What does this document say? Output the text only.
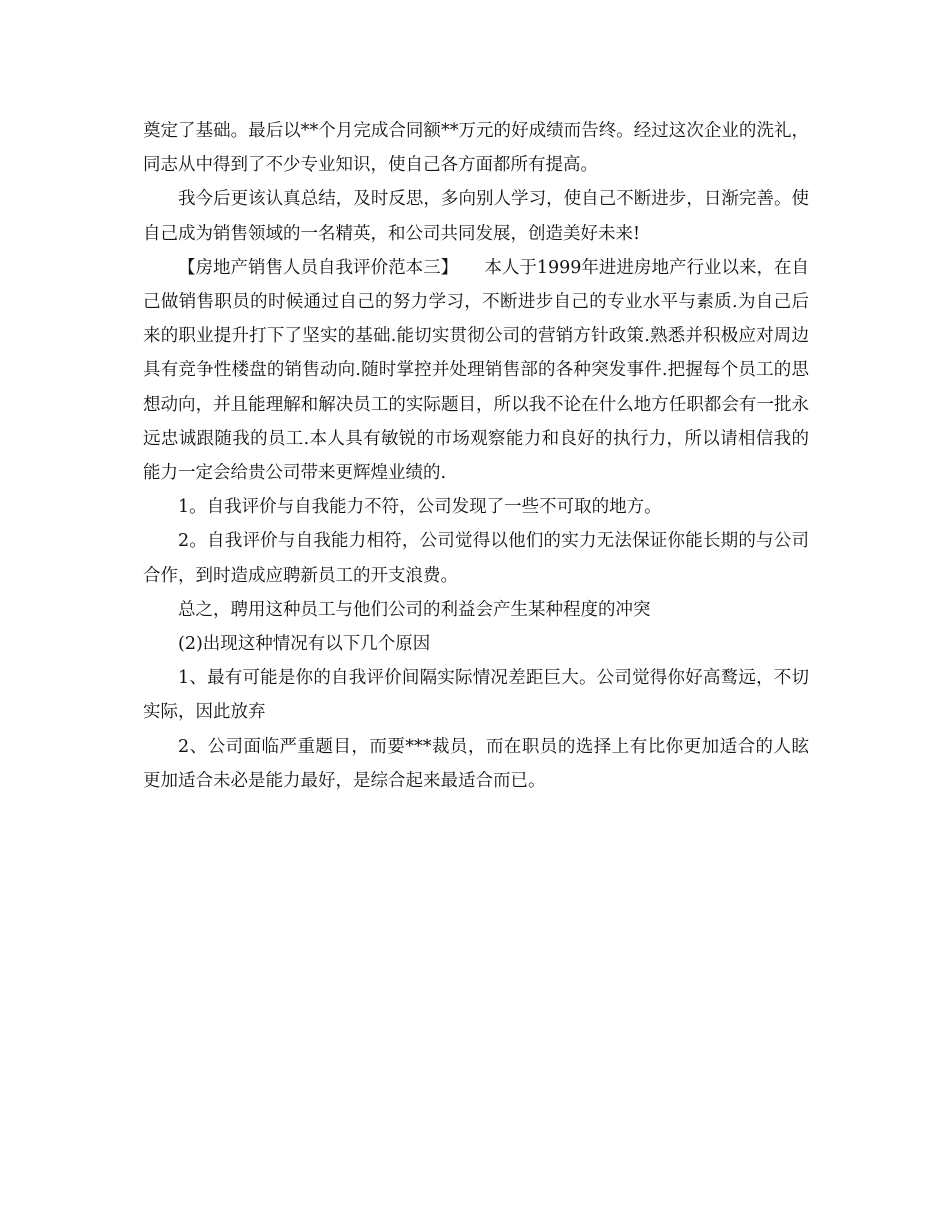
奠定了基础。最后以**个月完成合同额**万元的好成绩而告终。经过这次企业的洗礼，同志从中得到了不少专业知识，使自己各方面都所有提高。

我今后更该认真总结，及时反思，多向别人学习，使自己不断进步，日渐完善。使自己成为销售领域的一名精英，和公司共同发展，创造美好未来!

【房地产销售人员自我评价范本三】　　本人于1999年进进房地产行业以来，在自己做销售职员的时候通过自己的努力学习，不断进步自己的专业水平与素质.为自己后来的职业提升打下了坚实的基础.能切实贯彻公司的营销方针政策.熟悉并积极应对周边具有竞争性楼盘的销售动向.随时掌控并处理销售部的各种突发事件.把握每个员工的思想动向，并且能理解和解决员工的实际题目，所以我不论在什么地方任职都会有一批永远忠诚跟随我的员工.本人具有敏锐的市场观察能力和良好的执行力，所以请相信我的能力一定会给贵公司带来更辉煌业绩的.

1。自我评价与自我能力不符，公司发现了一些不可取的地方。

2。自我评价与自我能力相符，公司觉得以他们的实力无法保证你能长期的与公司合作，到时造成应聘新员工的开支浪费。

总之，聘用这种员工与他们公司的利益会产生某种程度的冲突

(2)出现这种情况有以下几个原因

1、最有可能是你的自我评价间隔实际情况差距巨大。公司觉得你好高鹜远，不切实际，因此放弃

2、公司面临严重题目，而要***裁员，而在职员的选择上有比你更加适合的人眩更加适合未必是能力最好，是综合起来最适合而已。
